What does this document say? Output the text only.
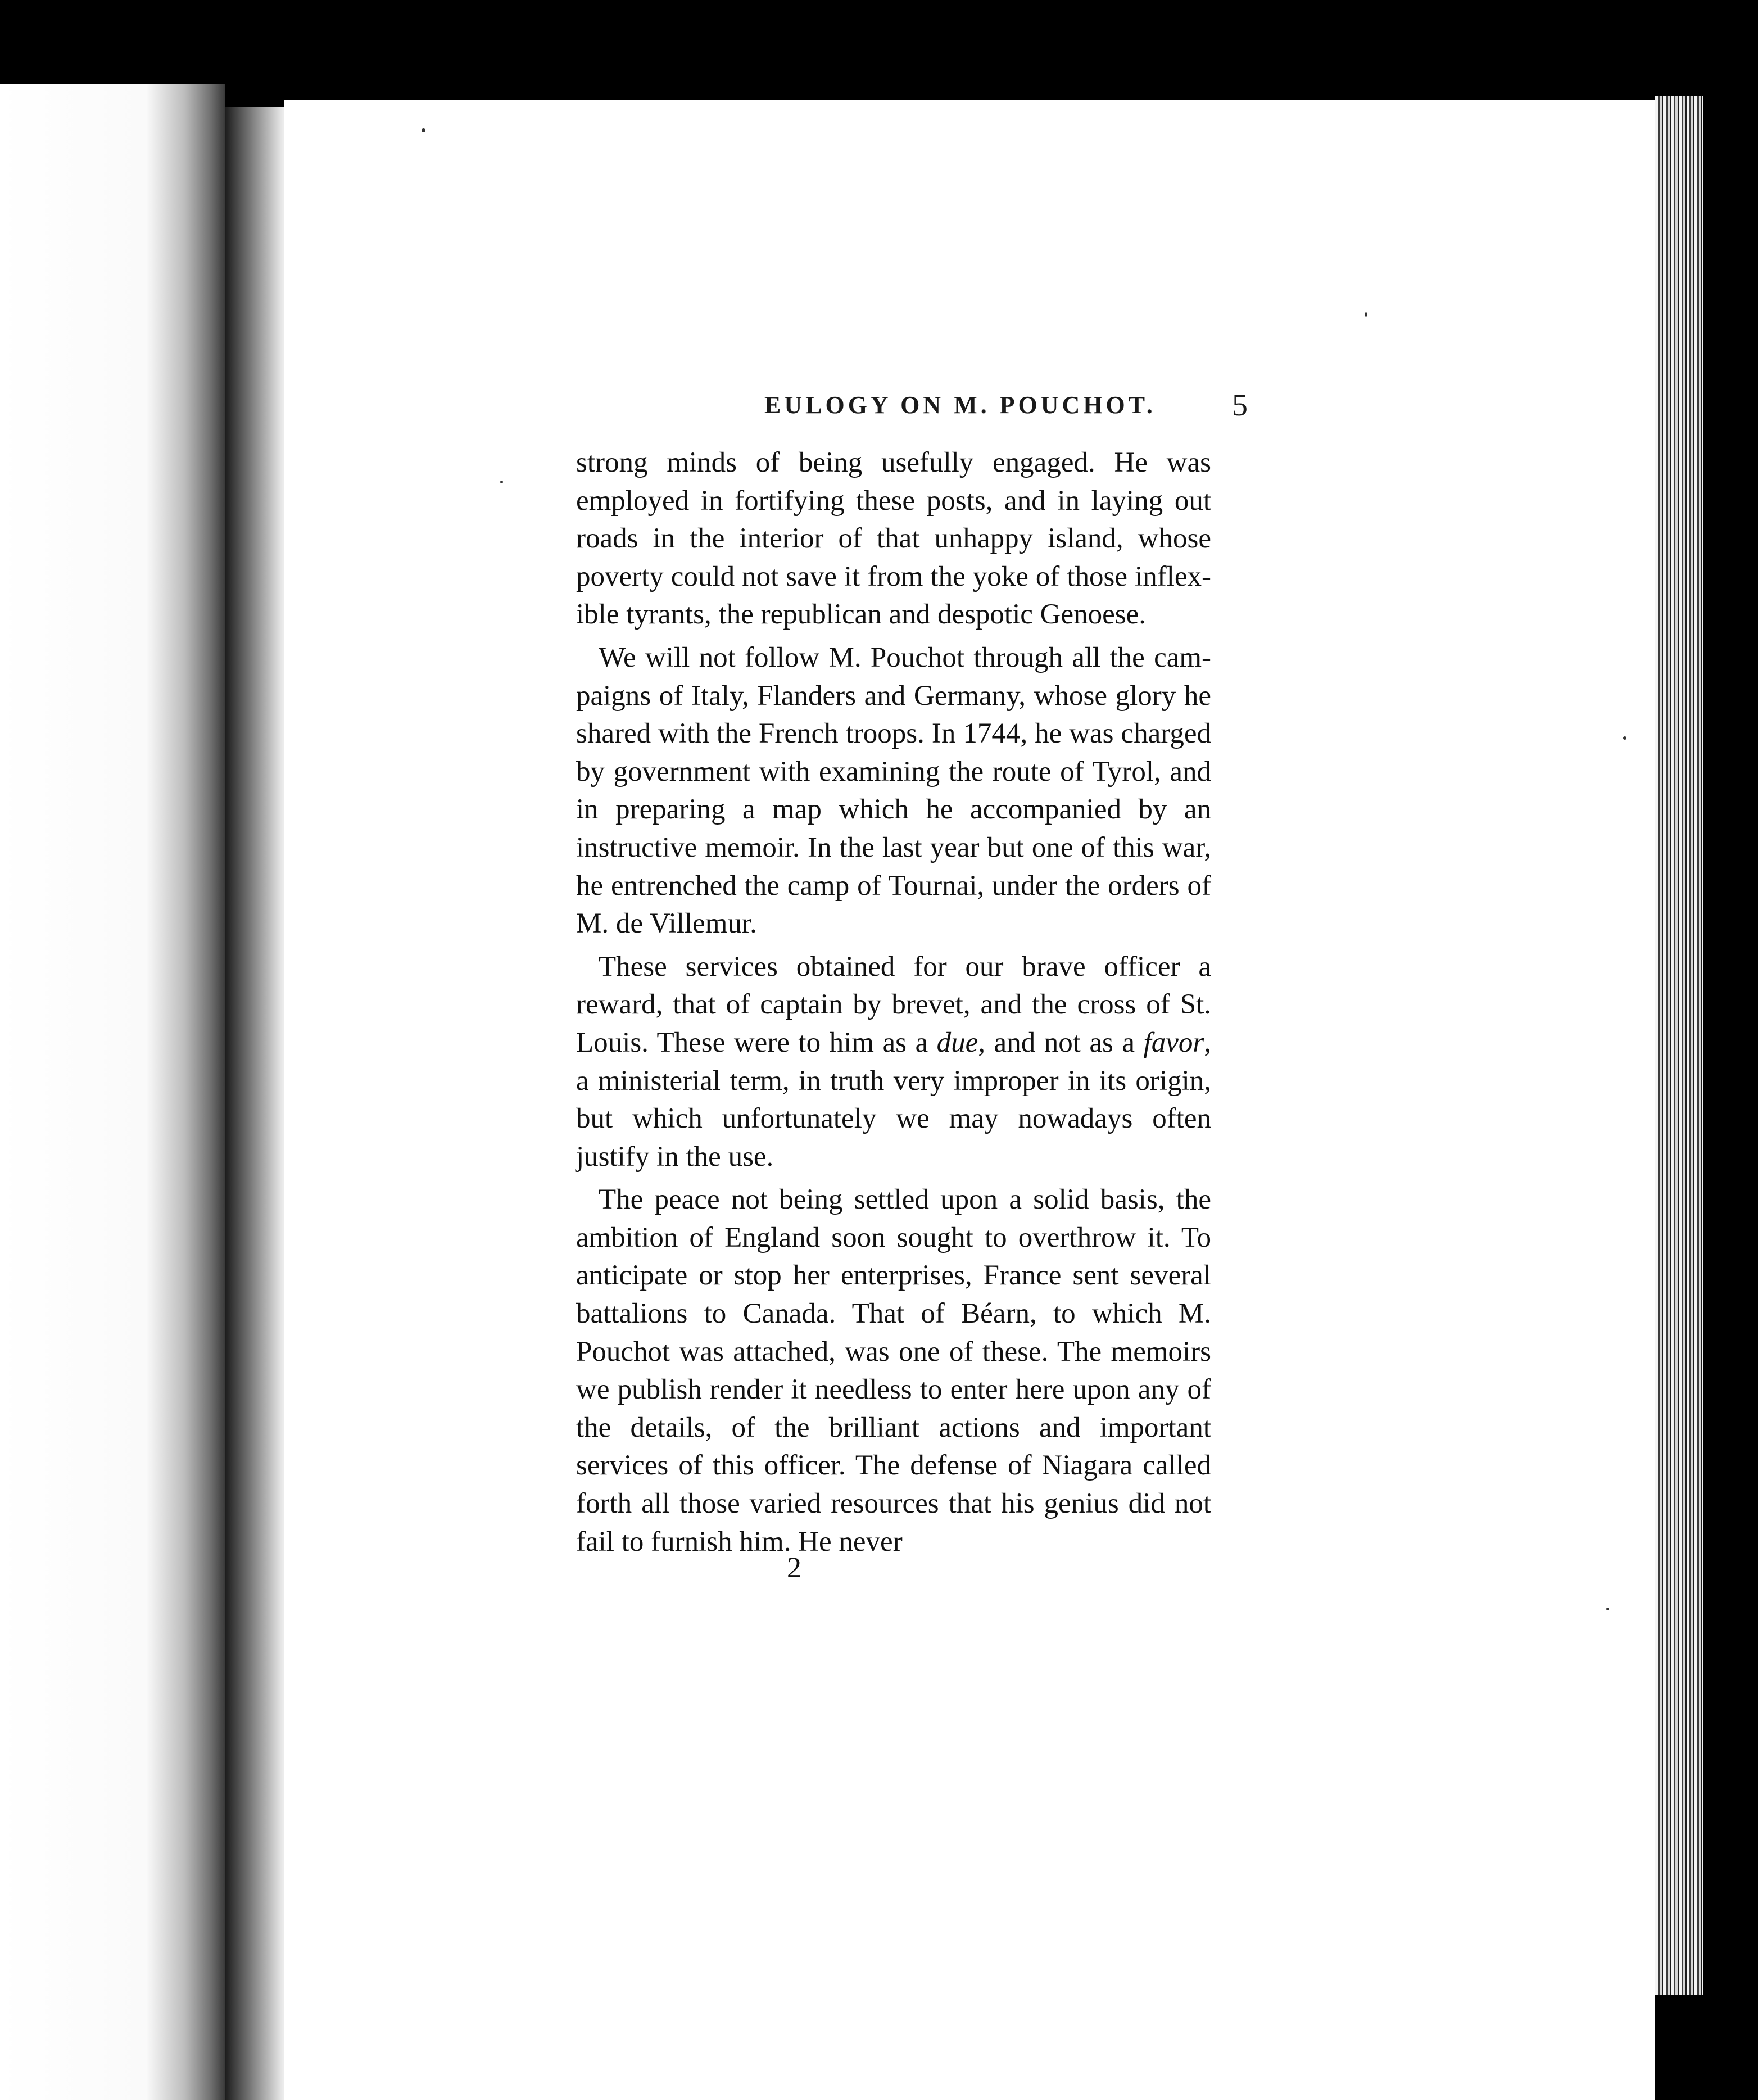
EULOGY ON M. POUCHOT. 5

strong minds of being usefully engaged. He was employed in fortifying these posts, and in laying out roads in the interior of that unhappy island, whose poverty could not save it from the yoke of those inflex-ible tyrants, the republican and despotic Genoese.

We will not follow M. Pouchot through all the cam-paigns of Italy, Flanders and Germany, whose glory he shared with the French troops. In 1744, he was charged by government with examining the route of Tyrol, and in preparing a map which he accompanied by an instructive memoir. In the last year but one of this war, he entrenched the camp of Tournai, under the orders of M. de Villemur.

These services obtained for our brave officer a reward, that of captain by brevet, and the cross of St. Louis. These were to him as a due, and not as a favor, a ministerial term, in truth very improper in its origin, but which unfortunately we may nowadays often justify in the use.

The peace not being settled upon a solid basis, the ambition of England soon sought to overthrow it. To anticipate or stop her enterprises, France sent several battalions to Canada. That of Béarn, to which M. Pouchot was attached, was one of these. The memoirs we publish render it needless to enter here upon any of the details, of the brilliant actions and important services of this officer. The defense of Niagara called forth all those varied resources that his genius did not fail to furnish him. He never

2
